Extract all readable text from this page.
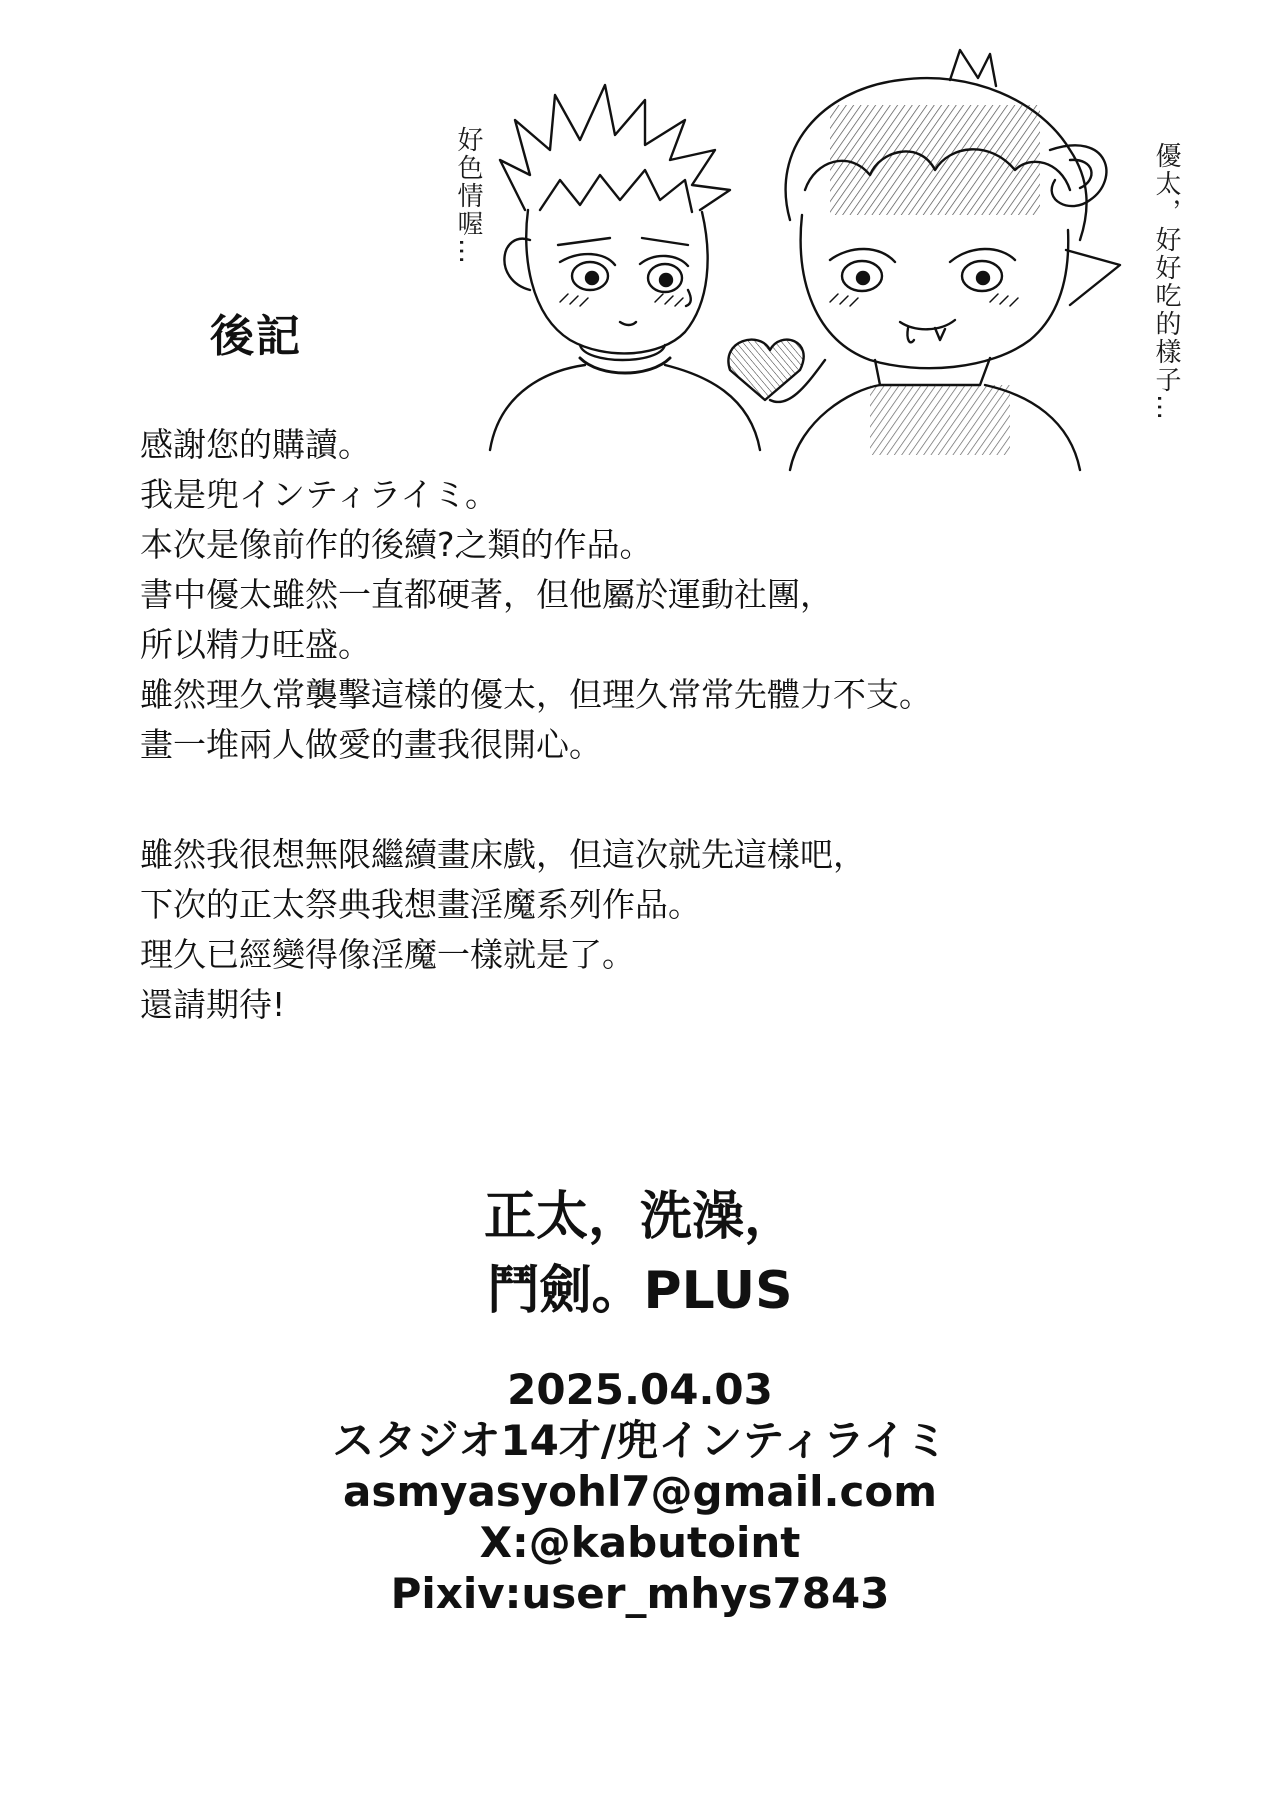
好色情喔…	優太，好好吃的樣子…
後記

感謝您的購讀。

我是兜インティライミ。

本次是像前作的後續?之類的作品。

書中優太雖然一直都硬著，但他屬於運動社團，

所以精力旺盛。

雖然理久常襲擊這樣的優太，但理久常常先體力不支。

畫一堆兩人做愛的畫我很開心。

雖然我很想無限繼續畫床戲，但這次就先這樣吧，

下次的正太祭典我想畫淫魔系列作品。

理久已經變得像淫魔一樣就是了。

還請期待!

正太，洗澡，
鬥劍。PLUS
2025.04.03
スタジオ14才/兜インティライミ
asmyasyohl7@gmail.com
X:@kabutoint
Pixiv:user_mhys7843
